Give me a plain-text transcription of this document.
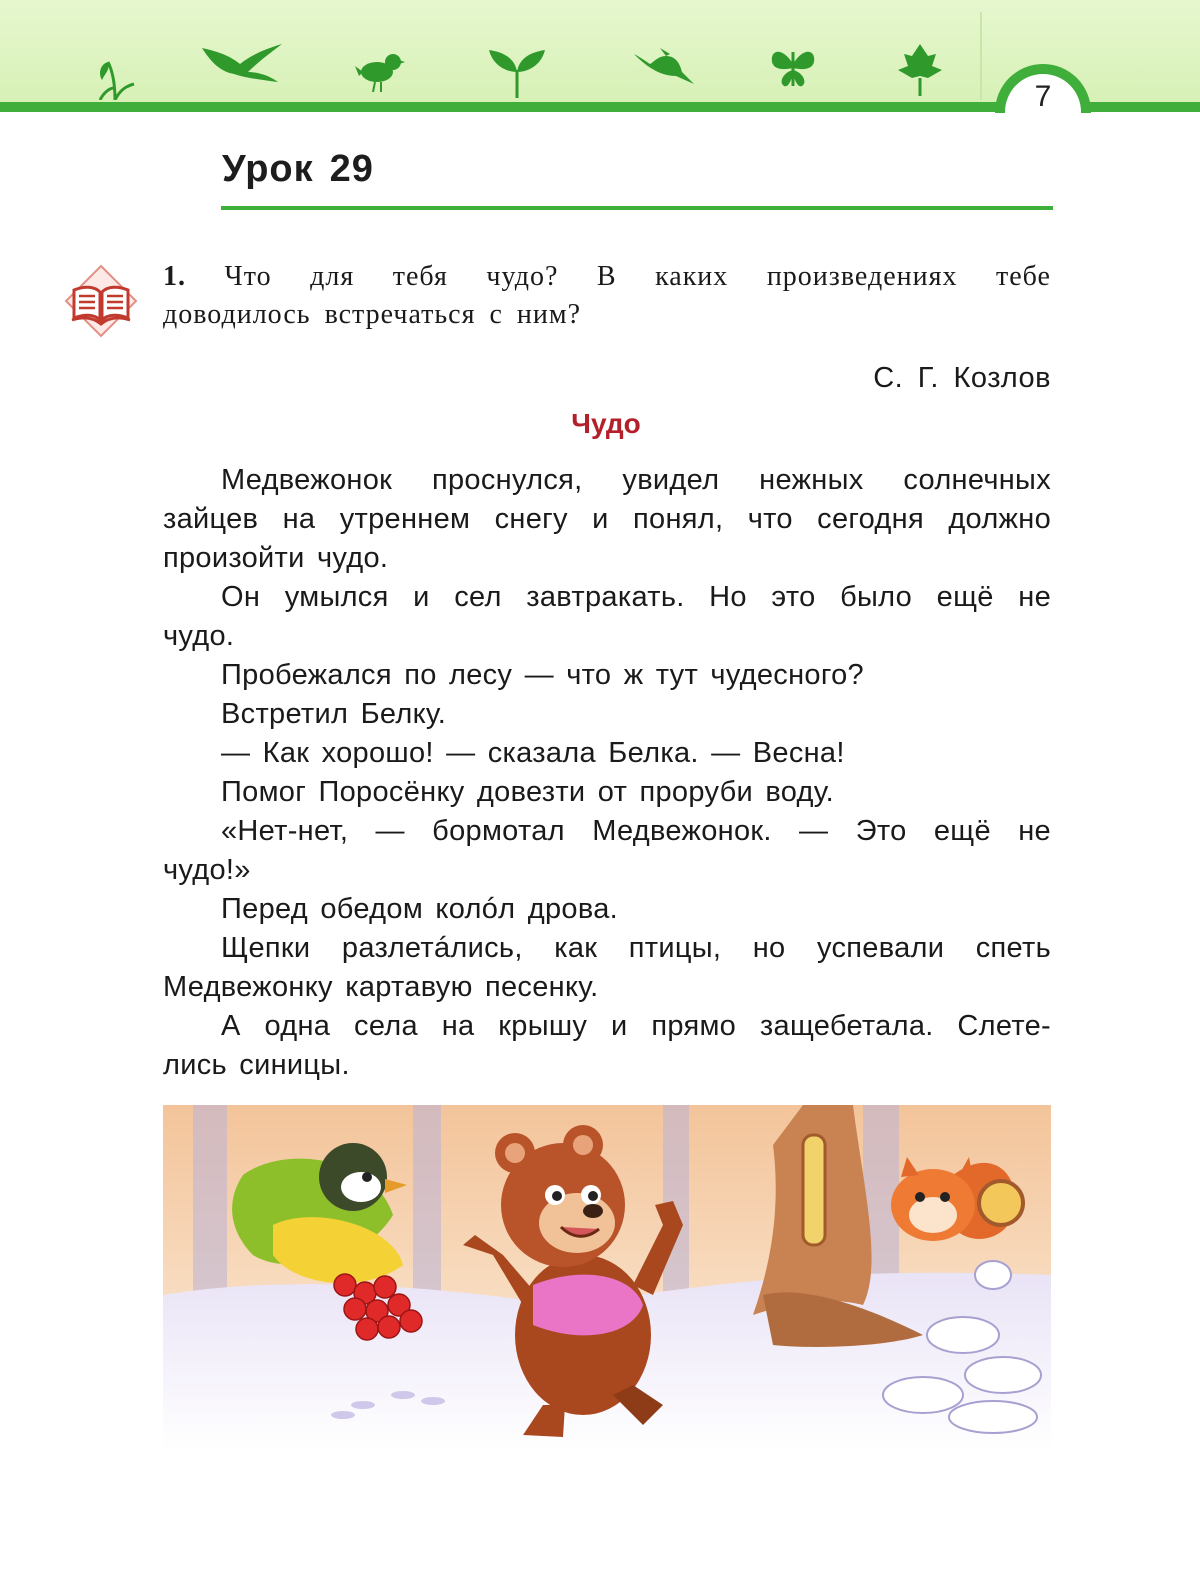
7
Урок 29
1. Что для тебя чудо? В каких произведениях тебе
доводилось встречаться с ним?
С. Г. Козлов
Чудо
Медвежонок проснулся, увидел нежных солнечных
зайцев на утреннем снегу и понял, что сегодня должно
произойти чудо.
Он умылся и сел завтракать. Но это было ещё не
чудо.
Пробежался по лесу — что ж тут чудесного?
Встретил Белку.
— Как хорошо! — сказала Белка. — Весна!
Помог Поросёнку довезти от проруби воду.
«Нет-нет, — бормотал Медвежонок. — Это ещё не
чудо!»
Перед обедом колóл дрова.
Щепки разлетáлись, как птицы, но успевали спеть
Медвежонку картавую песенку.
А одна села на крышу и прямо защебетала. Слете-
лись синицы.
